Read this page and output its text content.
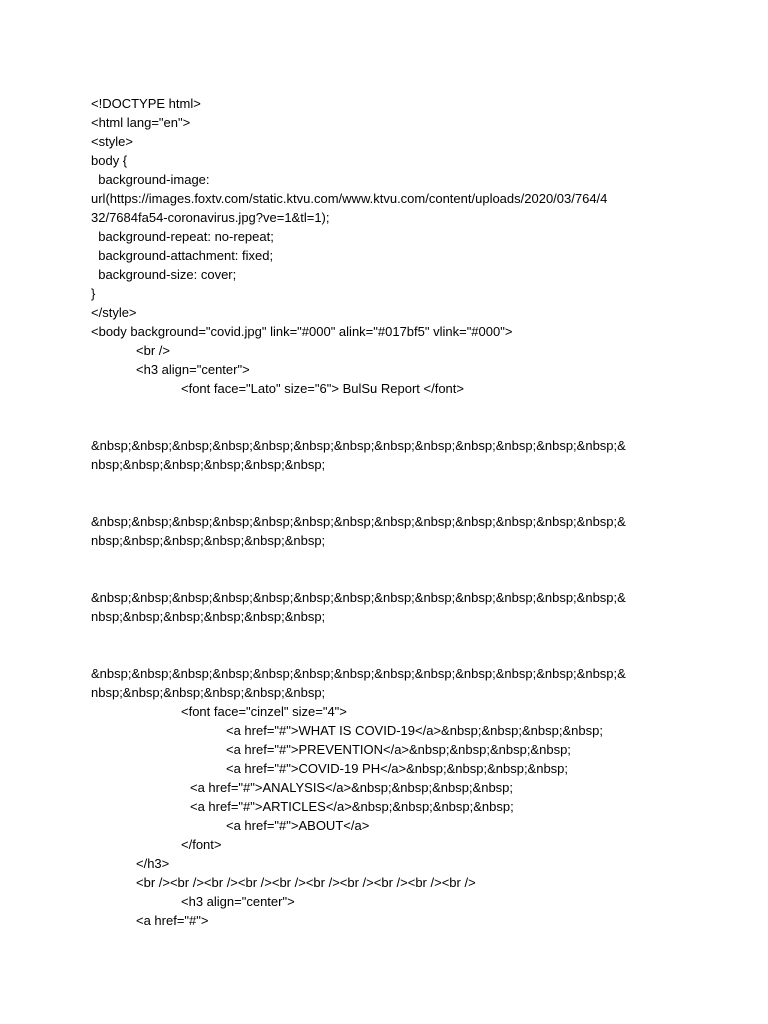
<!DOCTYPE html>
<html lang="en">
<style>
body {
background-image:
url(https://images.foxtv.com/static.ktvu.com/www.ktvu.com/content/uploads/2020/03/764/4
32/7684fa54-coronavirus.jpg?ve=1&tl=1);
background-repeat: no-repeat;
background-attachment: fixed;
background-size: cover;
}
</style>
<body background="covid.jpg" link="#000" alink="#017bf5" vlink="#000">
<br />
<h3 align="center">
<font face="Lato" size="6"> BulSu Report </font>
&nbsp;&nbsp;&nbsp;&nbsp;&nbsp;&nbsp;&nbsp;&nbsp;&nbsp;&nbsp;&nbsp;&nbsp;&nbsp;&
nbsp;&nbsp;&nbsp;&nbsp;&nbsp;&nbsp;
&nbsp;&nbsp;&nbsp;&nbsp;&nbsp;&nbsp;&nbsp;&nbsp;&nbsp;&nbsp;&nbsp;&nbsp;&nbsp;&
nbsp;&nbsp;&nbsp;&nbsp;&nbsp;&nbsp;
&nbsp;&nbsp;&nbsp;&nbsp;&nbsp;&nbsp;&nbsp;&nbsp;&nbsp;&nbsp;&nbsp;&nbsp;&nbsp;&
nbsp;&nbsp;&nbsp;&nbsp;&nbsp;&nbsp;
&nbsp;&nbsp;&nbsp;&nbsp;&nbsp;&nbsp;&nbsp;&nbsp;&nbsp;&nbsp;&nbsp;&nbsp;&nbsp;&
nbsp;&nbsp;&nbsp;&nbsp;&nbsp;&nbsp;
<font face="cinzel" size="4">
<a href="#">WHAT IS COVID-19</a>&nbsp;&nbsp;&nbsp;&nbsp;
<a href="#">PREVENTION</a>&nbsp;&nbsp;&nbsp;&nbsp;
<a href="#">COVID-19 PH</a>&nbsp;&nbsp;&nbsp;&nbsp;
<a href="#">ANALYSIS</a>&nbsp;&nbsp;&nbsp;&nbsp;
<a href="#">ARTICLES</a>&nbsp;&nbsp;&nbsp;&nbsp;
<a href="#">ABOUT</a>
</font>
</h3>
<br /><br /><br /><br /><br /><br /><br /><br /><br /><br />
<h3 align="center">
<a href="#">
